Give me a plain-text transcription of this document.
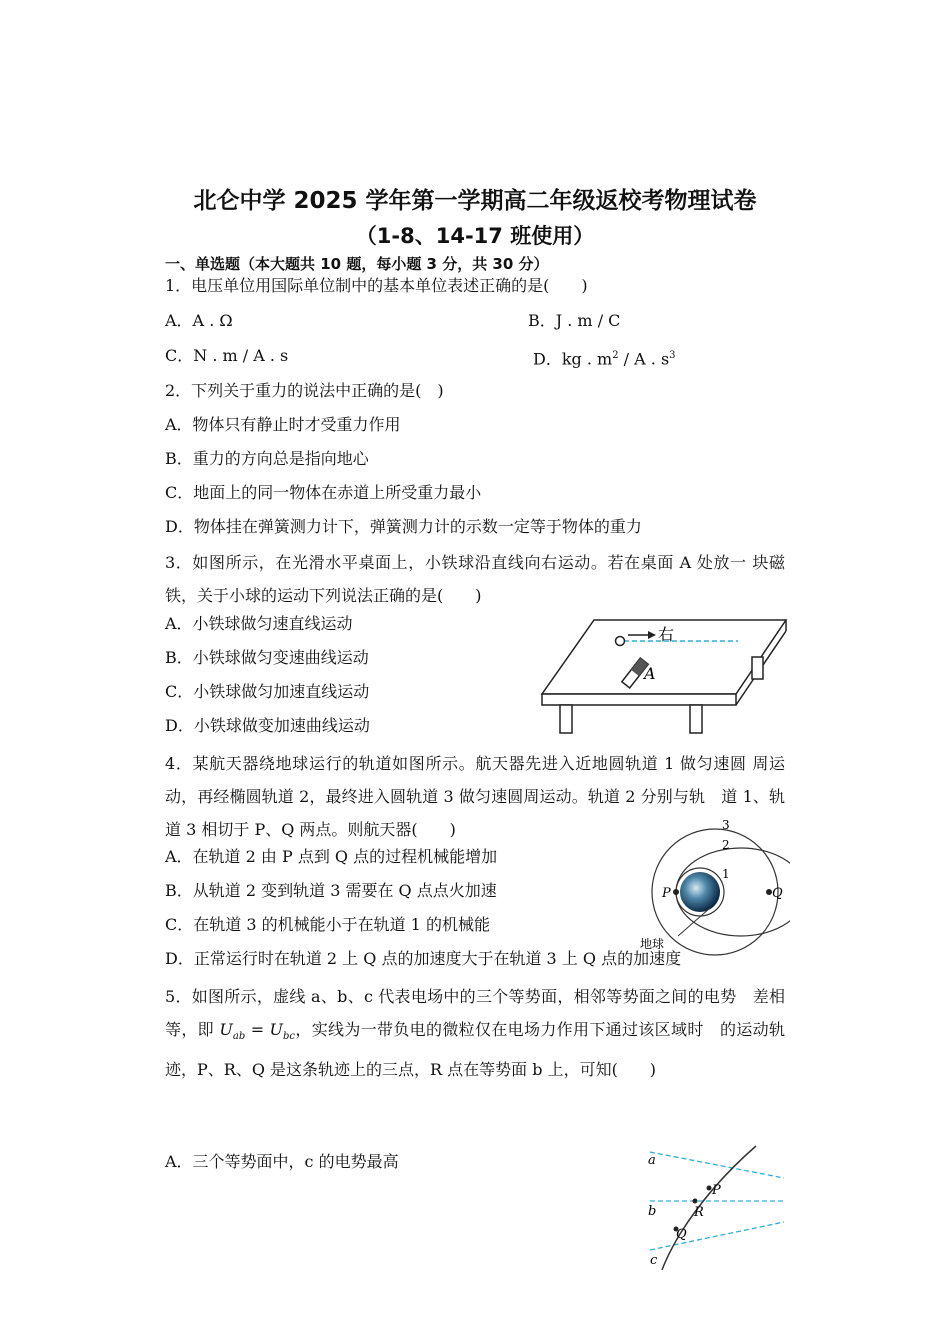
北仑中学 2025 学年第一学期高二年级返校考物理试卷
（1-8、14-17 班使用）
一、单选题（本大题共 10 题，每小题 3 分，共 30 分）
1．电压单位用国际单位制中的基本单位表述正确的是(　　)
A．A . Ω	B．J . m / C
C．N . m / A . s	D．kg . $m^2$ / A . $s^3$
2．下列关于重力的说法中正确的是(　)
A．物体只有静止时才受重力作用
B．重力的方向总是指向地心
C．地面上的同一物体在赤道上所受重力最小
D．物体挂在弹簧测力计下，弹簧测力计的示数一定等于物体的重力
3．如图所示，在光滑水平桌面上，小铁球沿直线向右运动。若在桌面 A 处放一 块磁铁，关于小球的运动下列说法正确的是(　　)
A．小铁球做匀速直线运动
B．小铁球做匀变速曲线运动
C．小铁球做匀加速直线运动
D．小铁球做变加速曲线运动
右
A
4．某航天器绕地球运行的轨道如图所示。航天器先进入近地圆轨道 1 做匀速圆 周运动，再经椭圆轨道 2，最终进入圆轨道 3 做匀速圆周运动。轨道 2 分别与轨　道 1、轨道 3 相切于 P、Q 两点。则航天器(　　)
A．在轨道 2 由 P 点到 Q 点的过程机械能增加
B．从轨道 2 变到轨道 3 需要在 Q 点点火加速
C．在轨道 3 的机械能小于在轨道 1 的机械能
D．正常运行时在轨道 2 上 Q 点的加速度大于在轨道 3 上 Q 点的加速度
3
2
1
P	Q
地球
5．如图所示，虚线 a、b、c 代表电场中的三个等势面，相邻等势面之间的电势　差相等，即 $U_{ab} = U_{bc}$，实线为一带负电的微粒仅在电场力作用下通过该区域时　的运动轨迹，P、R、Q 是这条轨迹上的三点，R 点在等势面 b 上，可知(　　)
A．三个等势面中，c 的电势最高	a
b
c
P
R
Q
